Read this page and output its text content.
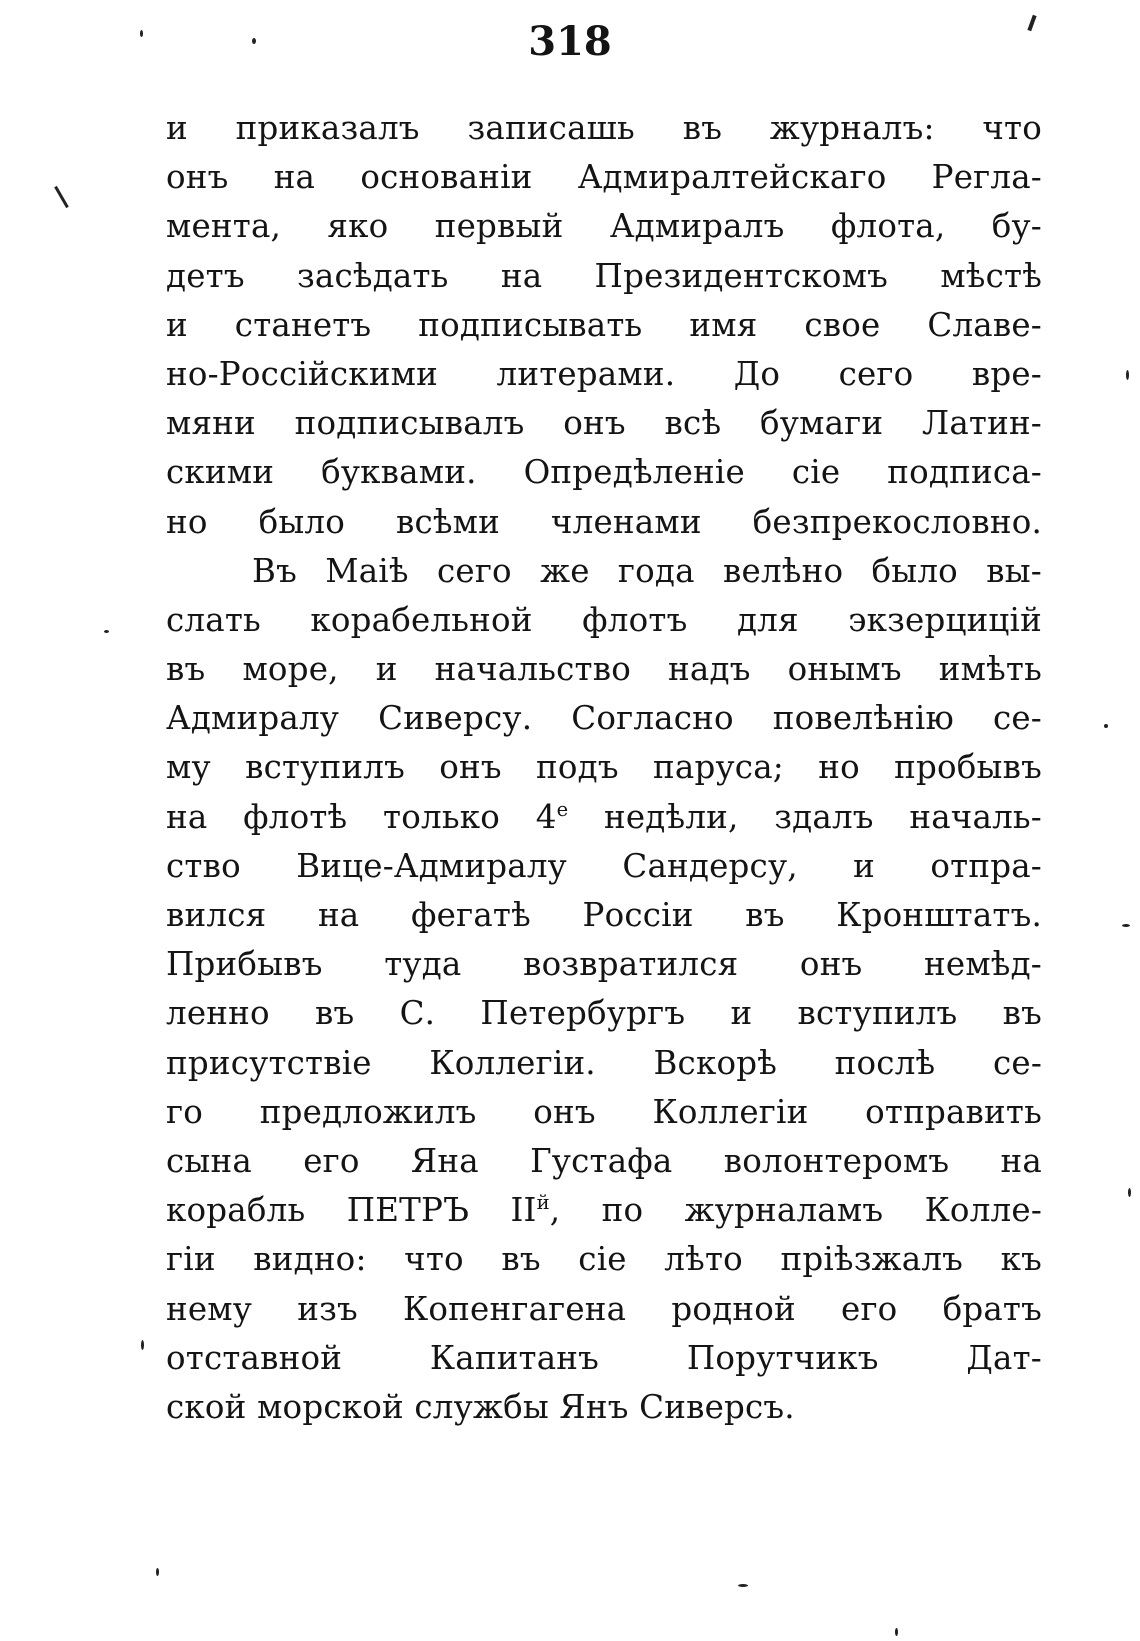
318
и приказалъ записашь въ журналъ: что
онъ на основанiи Адмиралтейскаго Регла-
мента, яко первый Адмиралъ флота, бу-
детъ засѣдать на Президентскомъ мѣстѣ
и станетъ подписывать имя свое Славе-
но-Россiйскими литерами. До сего вре-
мяни подписывалъ онъ всѣ бумаги Латин-
скими буквами. Опредѣленiе сiе подписа-
но было всѣми членами безпрекословно.
Въ Маiѣ сего же года велѣно было вы-
слать корабельной флотъ для экзерцицiй
въ море, и начальство надъ онымъ имѣть
Адмиралу Сиверсу. Согласно повелѣнiю се-
му вступилъ онъ подъ паруса; но пробывъ
на флотѣ только $4^е$ недѣли, здалъ началь-
ство Вице-Адмиралу Сандерсу, и отпра-
вился на фегатѣ Россiи въ Кронштатъ.
Прибывъ туда возвратился онъ немѣд-
ленно въ С. Петербургъ и вступилъ въ
присутствiе Коллегiи. Вскорѣ послѣ се-
го предложилъ онъ Коллегiи отправить
сына его Яна Густафа волонтеромъ на
корабль ПЕТРЪ $II^й$, по журналамъ Колле-
гiи видно: что въ сiе лѣто прiѣзжалъ къ
нему изъ Копенгагена родной его братъ
отставной Капитанъ Порутчикъ Дат-
ской морской службы Янъ Сиверсъ.
